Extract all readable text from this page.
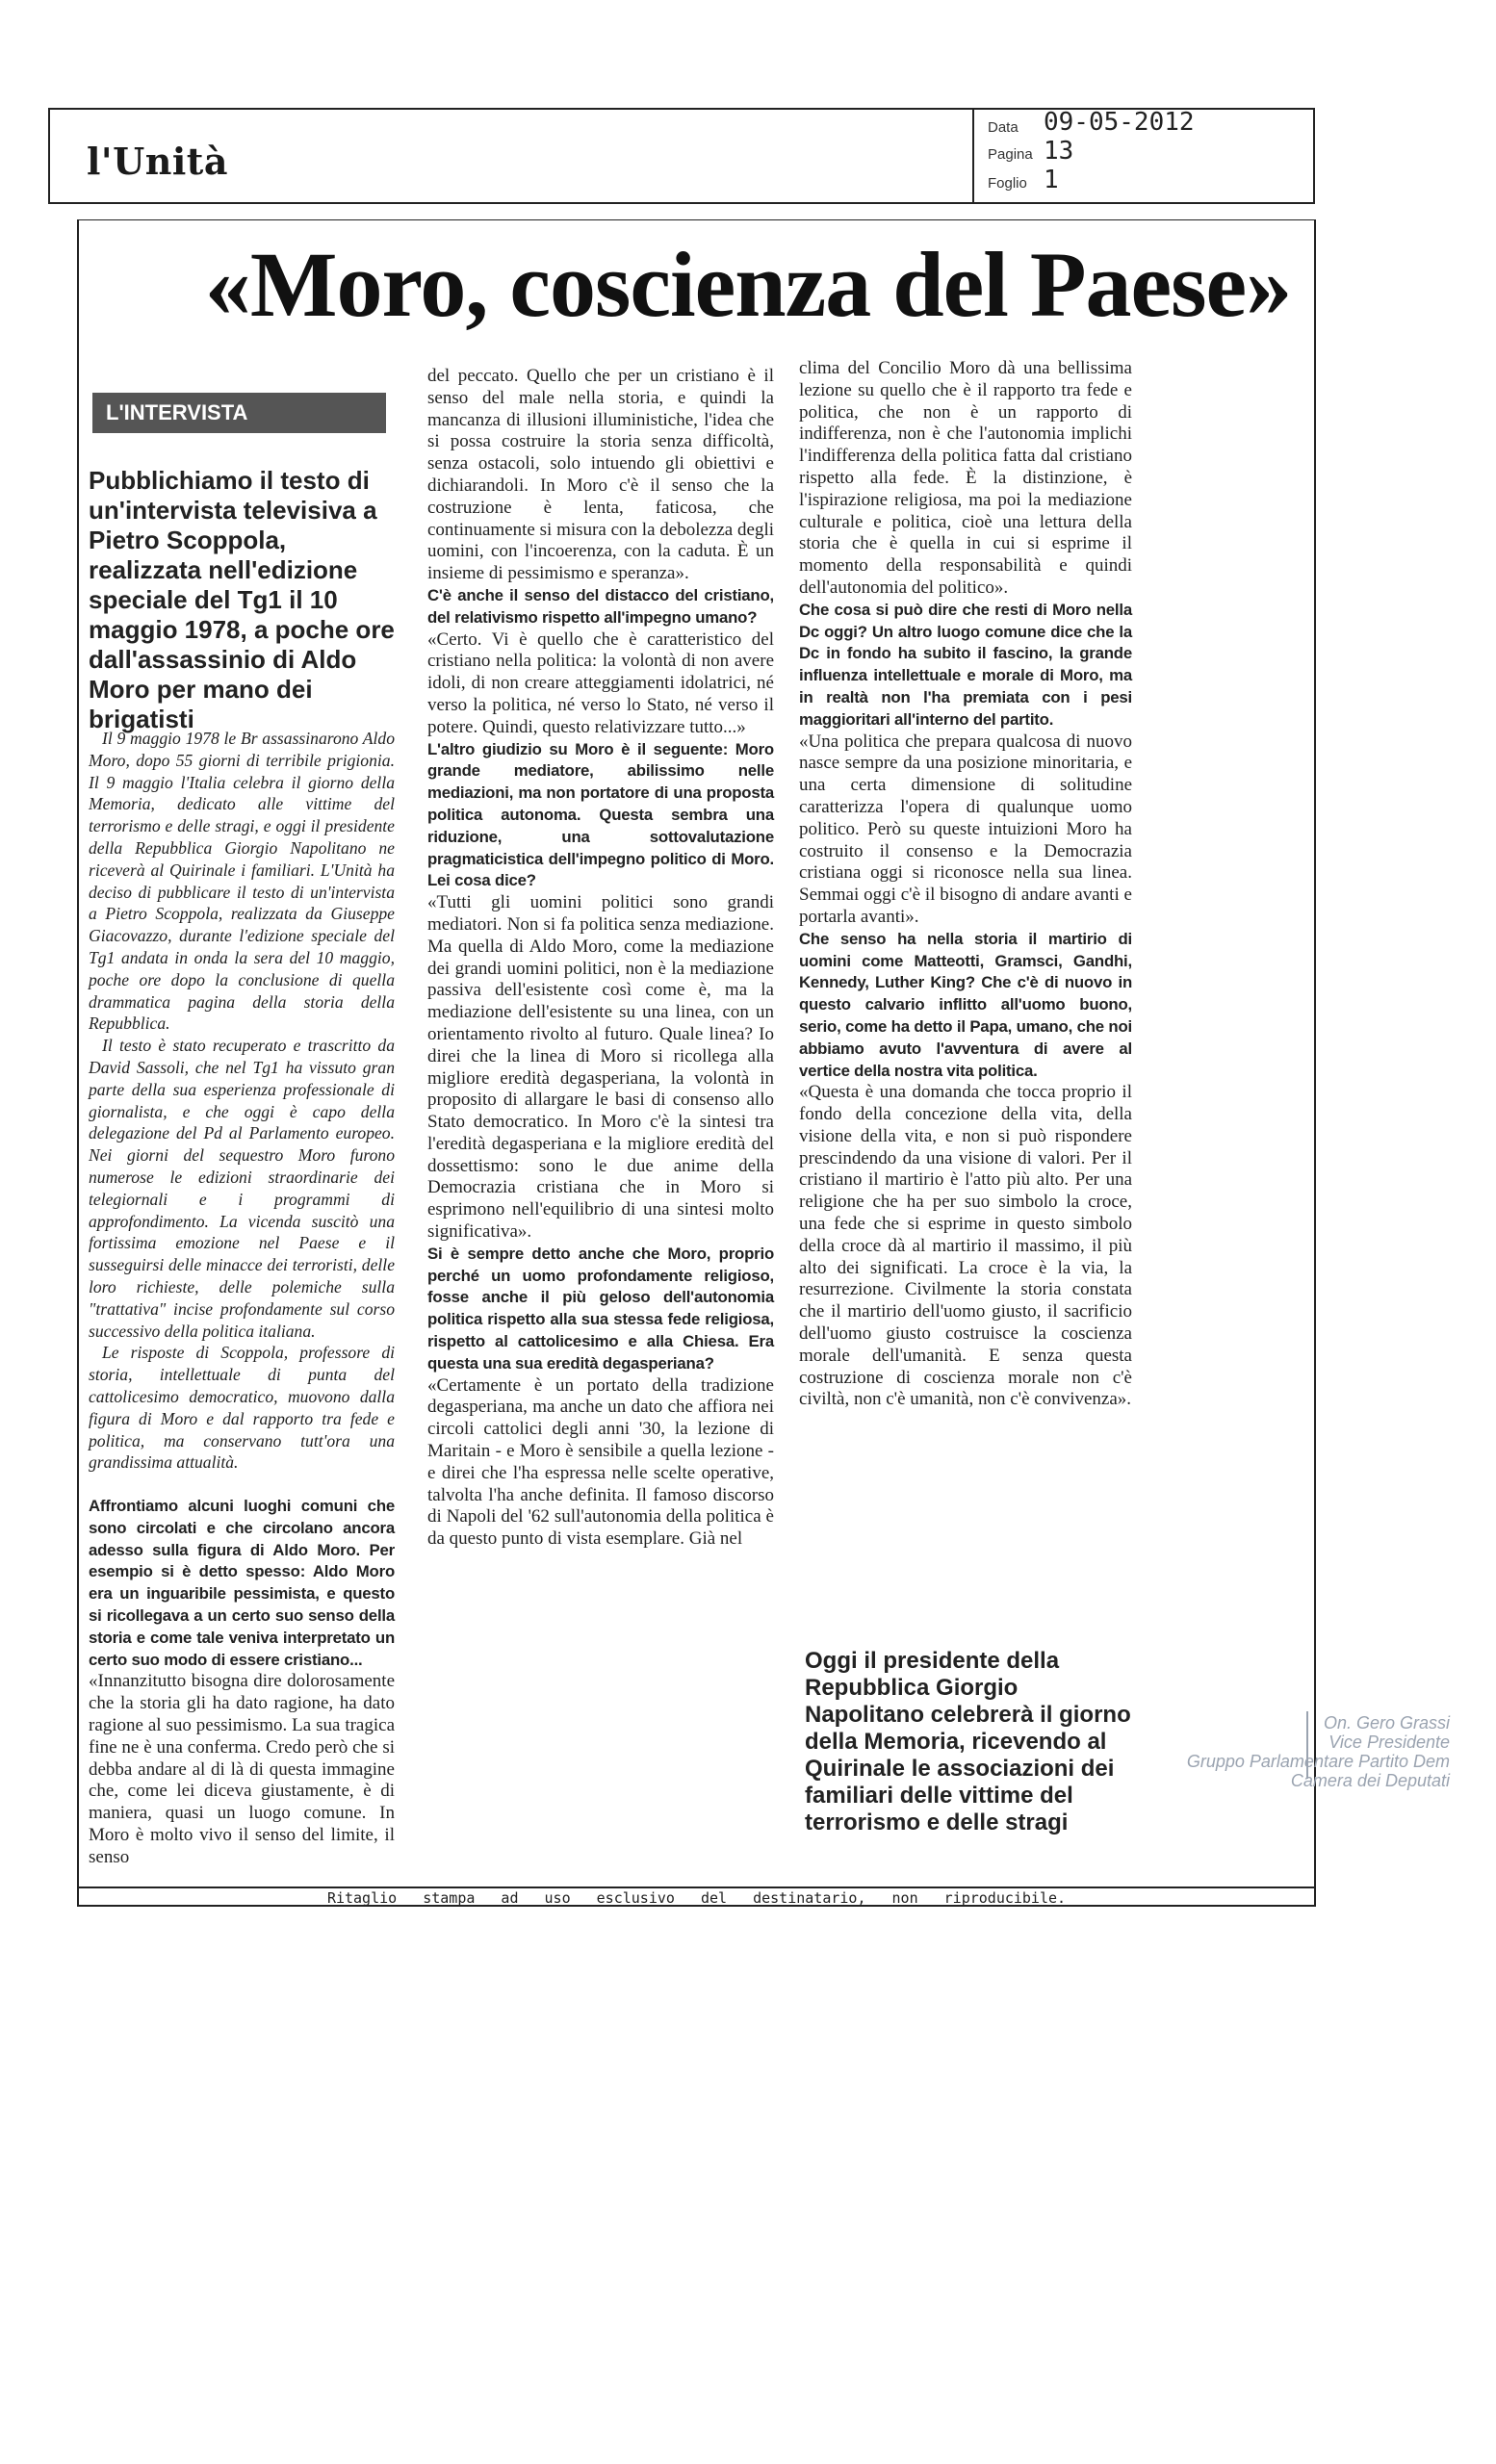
l'Unità
Data 09-05-2012
Pagina 13
Foglio 1
«Moro, coscienza del Paese»
L'INTERVISTA
Pubblichiamo il testo di un'intervista televisiva a Pietro Scoppola, realizzata nell'edizione speciale del Tg1 il 10 maggio 1978, a poche ore dall'assassinio di Aldo Moro per mano dei brigatisti

Il 9 maggio 1978 le Br assassinarono Aldo Moro, dopo 55 giorni di terribile prigionia. Il 9 maggio l'Italia celebra il giorno della Memoria, dedicato alle vittime del terrorismo e delle stragi, e oggi il presidente della Repubblica Giorgio Napolitano ne riceverà al Quirinale i familiari. L'Unità ha deciso di pubblicare il testo di un'intervista a Pietro Scoppola, realizzata da Giuseppe Giacovazzo, durante l'edizione speciale del Tg1 andata in onda la sera del 10 maggio, poche ore dopo la conclusione di quella drammatica pagina della storia della Repubblica.

Il testo è stato recuperato e trascritto da David Sassoli, che nel Tg1 ha vissuto gran parte della sua esperienza professionale di giornalista, e che oggi è capo della delegazione del Pd al Parlamento europeo. Nei giorni del sequestro Moro furono numerose le edizioni straordinarie dei telegiornali e i programmi di approfondimento. La vicenda suscitò una fortissima emozione nel Paese e il susseguirsi delle minacce dei terroristi, delle loro richieste, delle polemiche sulla "trattativa" incise profondamente sul corso successivo della politica italiana.

Le risposte di Scoppola, professore di storia, intellettuale di punta del cattolicesimo democratico, muovono dalla figura di Moro e dal rapporto tra fede e politica, ma conservano tutt'ora una grandissima attualità.

Affrontiamo alcuni luoghi comuni che sono circolati e che circolano ancora adesso sulla figura di Aldo Moro. Per esempio si è detto spesso: Aldo Moro era un inguaribile pessimista, e questo si ricollegava a un certo suo senso della storia e come tale veniva interpretato un certo suo modo di essere cristiano...

«Innanzitutto bisogna dire dolorosamente che la storia gli ha dato ragione, ha dato ragione al suo pessimismo. La sua tragica fine ne è una conferma. Credo però che si debba andare al di là di questa immagine che, come lei diceva giustamente, è di maniera, quasi un luogo comune. In Moro è molto vivo il senso del limite, il senso

del peccato. Quello che per un cristiano è il senso del male nella storia, e quindi la mancanza di illusioni illuministiche, l'idea che si possa costruire la storia senza difficoltà, senza ostacoli, solo intuendo gli obiettivi e dichiarandoli. In Moro c'è il senso che la costruzione è lenta, faticosa, che continuamente si misura con la debolezza degli uomini, con l'incoerenza, con la caduta. È un insieme di pessimismo e speranza».

C'è anche il senso del distacco del cristiano, del relativismo rispetto all'impegno umano?

«Certo. Vi è quello che è caratteristico del cristiano nella politica: la volontà di non avere idoli, di non creare atteggiamenti idolatrici, né verso la politica, né verso lo Stato, né verso il potere. Quindi, questo relativizzare tutto...»

L'altro giudizio su Moro è il seguente: Moro grande mediatore, abilissimo nelle mediazioni, ma non portatore di una proposta politica autonoma. Questa sembra una riduzione, una sottovalutazione pragmaticistica dell'impegno politico di Moro. Lei cosa dice?

«Tutti gli uomini politici sono grandi mediatori. Non si fa politica senza mediazione. Ma quella di Aldo Moro, come la mediazione dei grandi uomini politici, non è la mediazione passiva dell'esistente così come è, ma la mediazione dell'esistente su una linea, con un orientamento rivolto al futuro. Quale linea? Io direi che la linea di Moro si ricollega alla migliore eredità degasperiana, la volontà in proposito di allargare le basi di consenso allo Stato democratico. In Moro c'è la sintesi tra l'eredità degasperiana e la migliore eredità del dossettismo: sono le due anime della Democrazia cristiana che in Moro si esprimono nell'equilibrio di una sintesi molto significativa».

Si è sempre detto anche che Moro, proprio perché un uomo profondamente religioso, fosse anche il più geloso dell'autonomia politica rispetto alla sua stessa fede religiosa, rispetto al cattolicesimo e alla Chiesa. Era questa una sua eredità degasperiana?

«Certamente è un portato della tradizione degasperiana, ma anche un dato che affiora nei circoli cattolici degli anni '30, la lezione di Maritain - e Moro è sensibile a quella lezione - e direi che l'ha espressa nelle scelte operative, talvolta l'ha anche definita. Il famoso discorso di Napoli del '62 sull'autonomia della politica è da questo punto di vista esemplare. Già nel

clima del Concilio Moro dà una bellissima lezione su quello che è il rapporto tra fede e politica, che non è un rapporto di indifferenza, non è che l'autonomia implichi l'indifferenza della politica fatta dal cristiano rispetto alla fede. È la distinzione, è l'ispirazione religiosa, ma poi la mediazione culturale e politica, cioè una lettura della storia che è quella in cui si esprime il momento della responsabilità e quindi dell'autonomia del politico».

Che cosa si può dire che resti di Moro nella Dc oggi? Un altro luogo comune dice che la Dc in fondo ha subito il fascino, la grande influenza intellettuale e morale di Moro, ma in realtà non l'ha premiata con i pesi maggioritari all'interno del partito.

«Una politica che prepara qualcosa di nuovo nasce sempre da una posizione minoritaria, e una certa dimensione di solitudine caratterizza l'opera di qualunque uomo politico. Però su queste intuizioni Moro ha costruito il consenso e la Democrazia cristiana oggi si riconosce nella sua linea. Semmai oggi c'è il bisogno di andare avanti e portarla avanti».

Che senso ha nella storia il martirio di uomini come Matteotti, Gramsci, Gandhi, Kennedy, Luther King? Che c'è di nuovo in questo calvario inflitto all'uomo buono, serio, come ha detto il Papa, umano, che noi abbiamo avuto l'avventura di avere al vertice della nostra vita politica.

«Questa è una domanda che tocca proprio il fondo della concezione della vita, della visione della vita, e non si può rispondere prescindendo da una visione di valori. Per il cristiano il martirio è l'atto più alto. Per una religione che ha per suo simbolo la croce, una fede che si esprime in questo simbolo della croce dà al martirio il massimo, il più alto dei significati. La croce è la via, la resurrezione. Civilmente la storia constata che il martirio dell'uomo giusto, il sacrificio dell'uomo giusto costruisce la coscienza morale dell'umanità. E senza questa costruzione di coscienza morale non c'è civiltà, non c'è umanità, non c'è convivenza».

Oggi il presidente della Repubblica Giorgio Napolitano celebrerà il giorno della Memoria, ricevendo al Quirinale le associazioni dei familiari delle vittime del terrorismo e delle stragi
On. Gero Grassi
Vice Presidente
Gruppo Parlamentare Partito Dem
Camera dei Deputati
Ritaglio stampa ad uso esclusivo del destinatario, non riproducibile.
